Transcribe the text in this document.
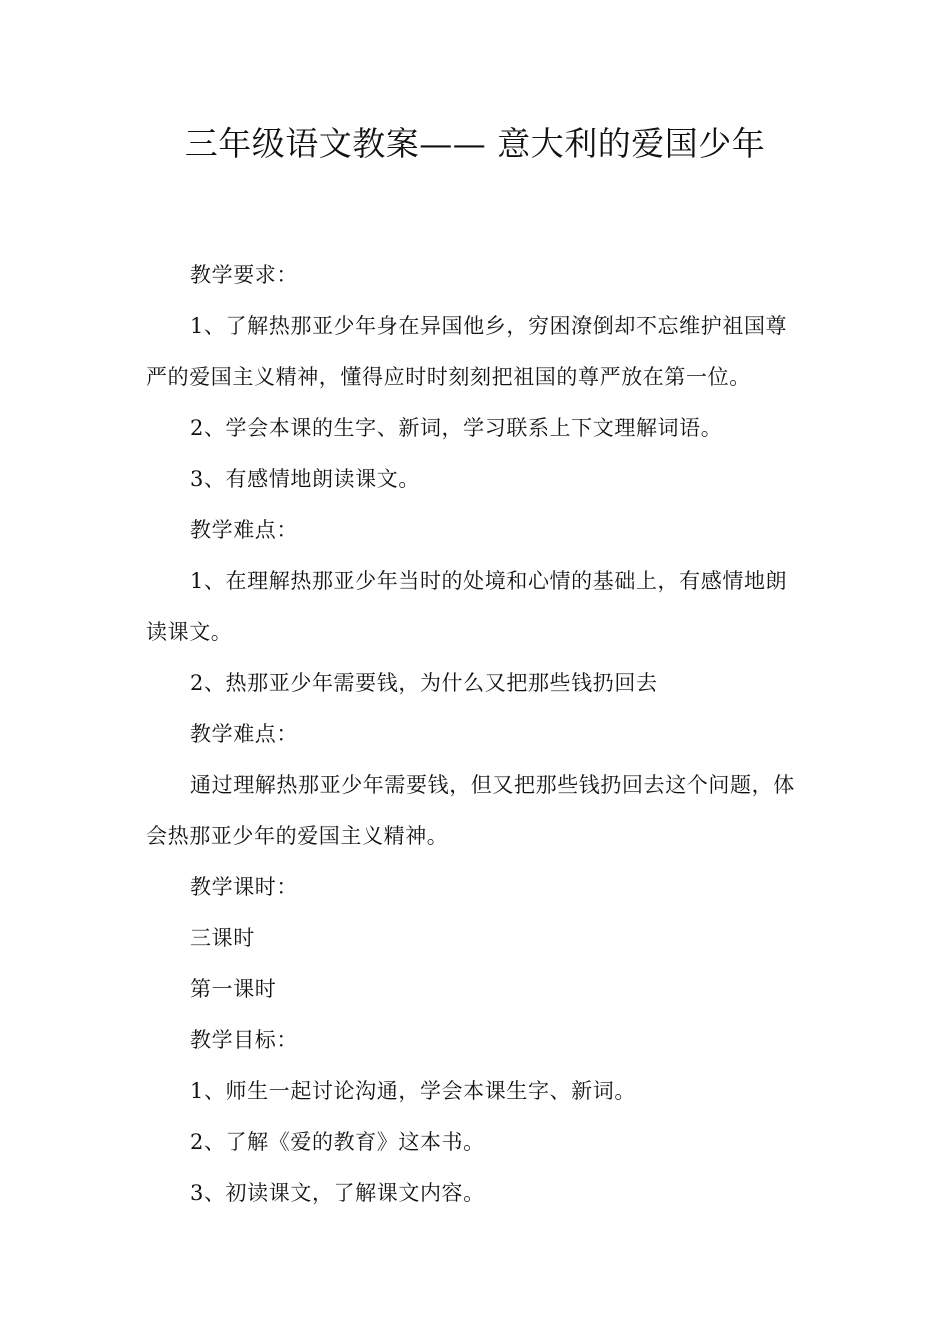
三年级语文教案—— 意大利的爱国少年

教学要求：

1、了解热那亚少年身在异国他乡，穷困潦倒却不忘维护祖国尊严的爱国主义精神，懂得应时时刻刻把祖国的尊严放在第一位。

2、学会本课的生字、新词，学习联系上下文理解词语。

3、有感情地朗读课文。

教学难点：

1、在理解热那亚少年当时的处境和心情的基础上，有感情地朗读课文。

2、热那亚少年需要钱，为什么又把那些钱扔回去

教学难点：

通过理解热那亚少年需要钱，但又把那些钱扔回去这个问题，体会热那亚少年的爱国主义精神。

教学课时：

三课时

第一课时

教学目标：

1、师生一起讨论沟通，学会本课生字、新词。

2、了解《爱的教育》这本书。

3、初读课文，了解课文内容。
